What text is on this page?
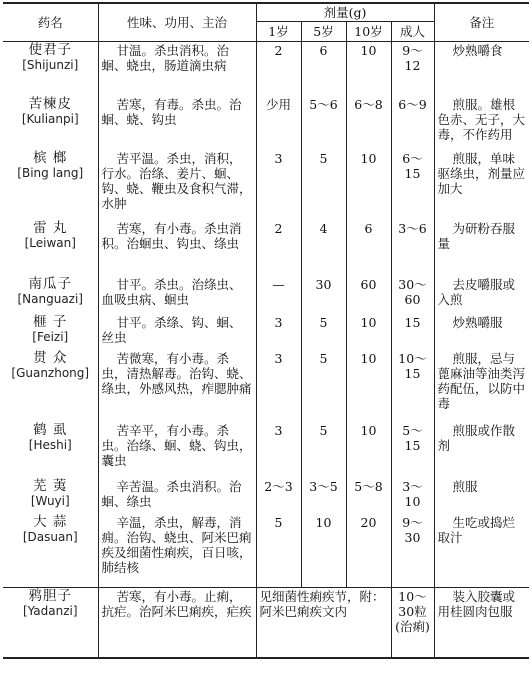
药名	性味、功用、主治	剂量(g)				备注
		1岁	5岁	10岁	成人	

使君子
[Shijunzi]	甘温。杀虫消积。治蛔、蛲虫，肠道滴虫病	2	6	10	9～12	炒熟嚼食

苦楝皮
[Kulianpi]	苦寒，有毒。杀虫。治蛔、蛲、钩虫	少用	5～6	6～8	6～9	煎服。雄根色赤、无子，大毒，不作药用

槟 榔
[Bing lang]	苦平温。杀虫，消积，行水。治绦、姜片、蛔、钩、蛲、鞭虫及食积气滞，水肿	3	5	10	6～15	煎服，单味驱绦虫，剂量应加大

雷 丸
[Leiwan]	苦寒，有小毒。杀虫消积。治蛔虫、钩虫、绦虫	2	4	6	3～6	为研粉吞服量

南瓜子
[Nanguazi]	甘平。杀虫。治绦虫、血吸虫病、蛔虫	—	30	60	30～60	去皮嚼服或入煎

榧 子
[Feizi]	甘平。杀绦、钩、蛔、丝虫	3	5	10	15	炒熟嚼服

贯 众
[Guanzhong]	苦微寒，有小毒。杀虫，清热解毒。治钩、蛲、绦虫，外感风热，痄腮肿痛	3	5	10	10～15	煎服，忌与蓖麻油等油类泻药配伍，以防中毒

鹤 虱
[Heshi]	苦辛平，有小毒。杀虫。治绦、蛔、蛲、钩虫，囊虫	3	5	10	5～15	煎服或作散剂

芜 荑
[Wuyi]	辛苦温。杀虫消积。治蛔、绦虫	2～3	3～5	5～8	3～10	煎服

大 蒜
[Dasuan]	辛温，杀虫，解毒，消痈。治钩、蛲虫、阿米巴痢疾及细菌性痢疾，百日咳，肺结核	5	10	20	9～30	生吃或捣烂取汁

鸦胆子
[Yadanzi]	苦寒，有小毒。止痢，抗疟。治阿米巴痢疾，疟疾	见细菌性痢疾节，附：阿米巴痢疾文内			10～30粒(治痢)	装入胶囊或用桂圆肉包服
